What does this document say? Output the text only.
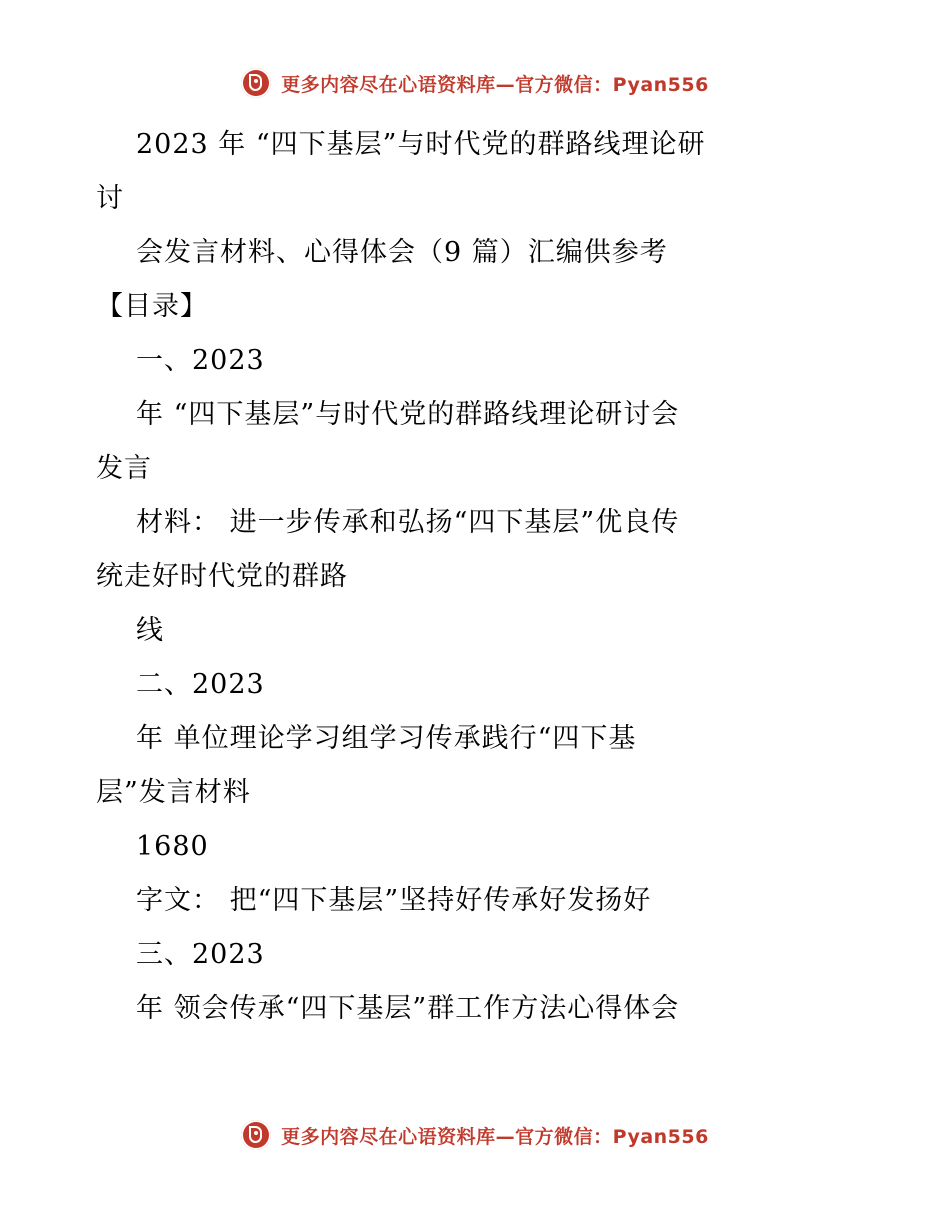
更多内容尽在心语资料库—官方微信：Pyan556
2023 年 “四下基层”与时代党的群路线理论研
讨
会发言材料、心得体会（9 篇）汇编供参考
【目录】
一、2023
年 “四下基层”与时代党的群路线理论研讨会
发言
材料： 进一步传承和弘扬“四下基层”优良传
统走好时代党的群路
线
二、2023
年 单位理论学习组学习传承践行“四下基
层”发言材料
1680
字文： 把“四下基层”坚持好传承好发扬好
三、2023
年 领会传承“四下基层”群工作方法心得体会
更多内容尽在心语资料库—官方微信：Pyan556
